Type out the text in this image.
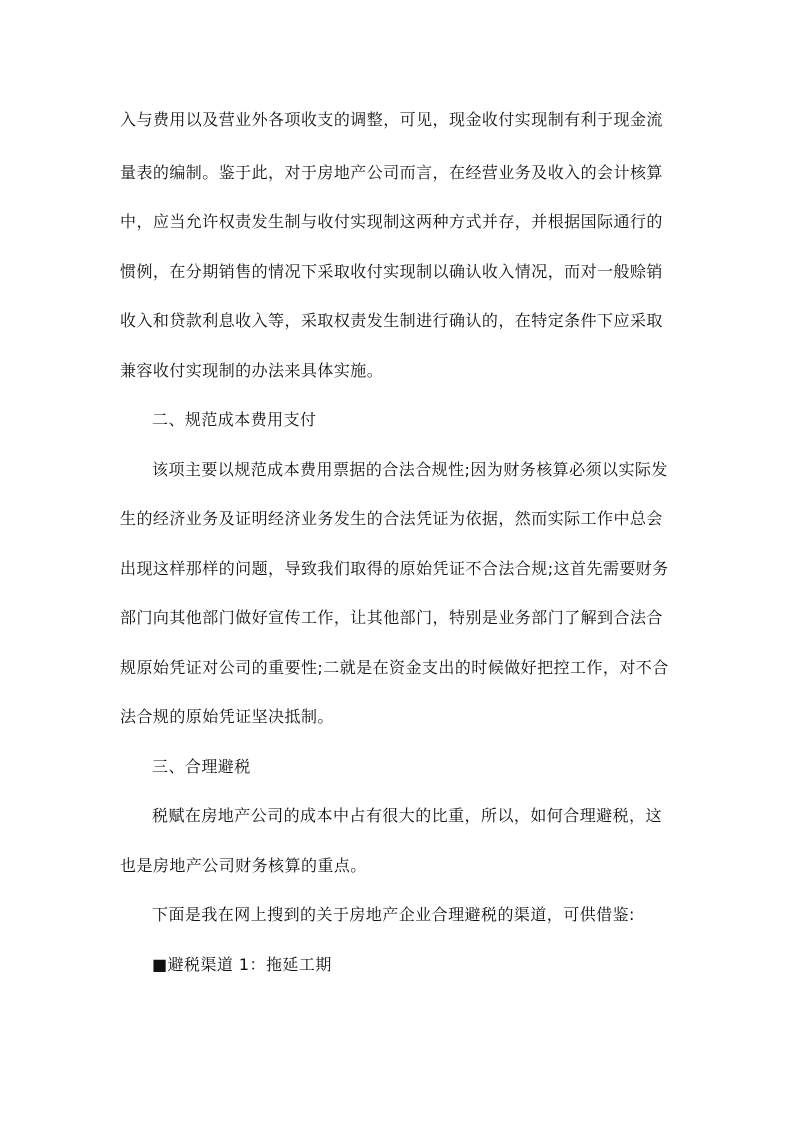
入与费用以及营业外各项收支的调整，可见，现金收付实现制有利于现金流
量表的编制。鉴于此，对于房地产公司而言，在经营业务及收入的会计核算
中，应当允许权责发生制与收付实现制这两种方式并存，并根据国际通行的
惯例，在分期销售的情况下采取收付实现制以确认收入情况，而对一般赊销
收入和贷款利息收入等，采取权责发生制进行确认的，在特定条件下应采取
兼容收付实现制的办法来具体实施。
二、规范成本费用支付
该项主要以规范成本费用票据的合法合规性;因为财务核算必须以实际发
生的经济业务及证明经济业务发生的合法凭证为依据，然而实际工作中总会
出现这样那样的问题，导致我们取得的原始凭证不合法合规;这首先需要财务
部门向其他部门做好宣传工作，让其他部门，特别是业务部门了解到合法合
规原始凭证对公司的重要性;二就是在资金支出的时候做好把控工作，对不合
法合规的原始凭证坚决抵制。
三、合理避税
税赋在房地产公司的成本中占有很大的比重，所以，如何合理避税，这
也是房地产公司财务核算的重点。
下面是我在网上搜到的关于房地产企业合理避税的渠道，可供借鉴:
■避税渠道 1：拖延工期
